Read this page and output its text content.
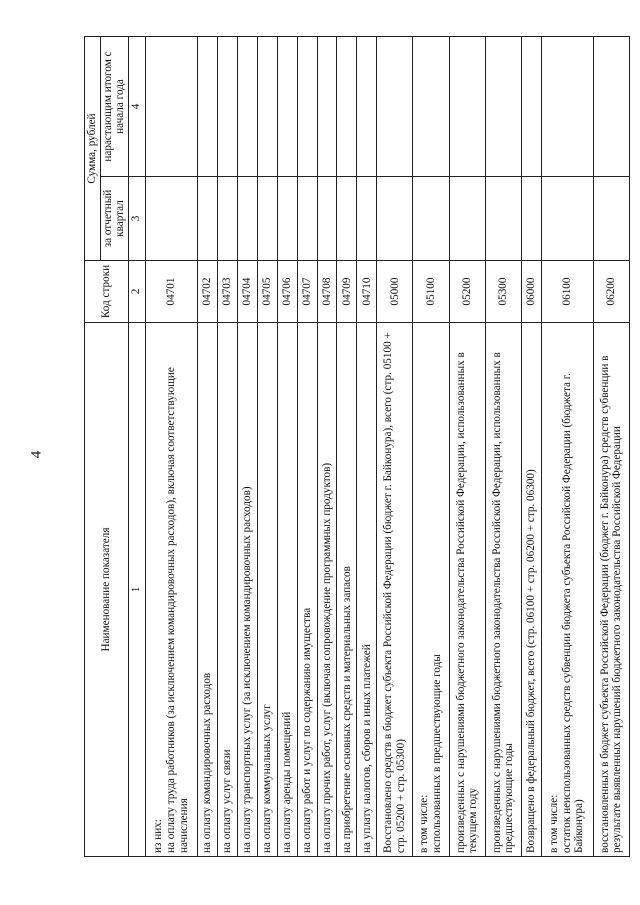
4
Наименование показателя	Код строки	Сумма, рублей	
		за отчетный квартал	нарастающим итогом с начала года
1	2	3	4
из них:
на оплату труда работников (за исключением командировочных расходов), включая соответствующие начисления	04701		
на оплату командировочных расходов	04702		
на оплату услуг связи	04703		
на оплату транспортных услуг (за исключением командировочных расходов)	04704		
на оплату коммунальных услуг	04705		
на оплату аренды помещений	04706		
на оплату работ и услуг по содержанию имущества	04707		
на оплату прочих работ, услуг (включая сопровождение программных продуктов)	04708		
на приобретение основных средств и материальных запасов	04709		
на уплату налогов, сборов и иных платежей	04710		
Восстановлено средств в бюджет субъекта Российской Федерации (бюджет г. Байконура), всего (стр. 05100 + стр. 05200 + стр. 05300)	05000		
в том числе:
использованных в предшествующие годы	05100		
произведенных с нарушениями бюджетного законодательства Российской Федерации, использованных в текущем году	05200		
произведенных с нарушениями бюджетного законодательства Российской Федерации, использованных в предшествующие годы	05300		
Возвращено в федеральный бюджет, всего (стр. 06100 + стр. 06200 + стр. 06300)	06000		
в том числе:
остаток неиспользованных средств субвенции бюджета субъекта Российской Федерации (бюджета г. Байконура)	06100		
восстановленных в бюджет субъекта Российской Федерации (бюджет г. Байконура) средств субвенции в результате выявленных нарушений бюджетного законодательства Российской Федерации	06200		
